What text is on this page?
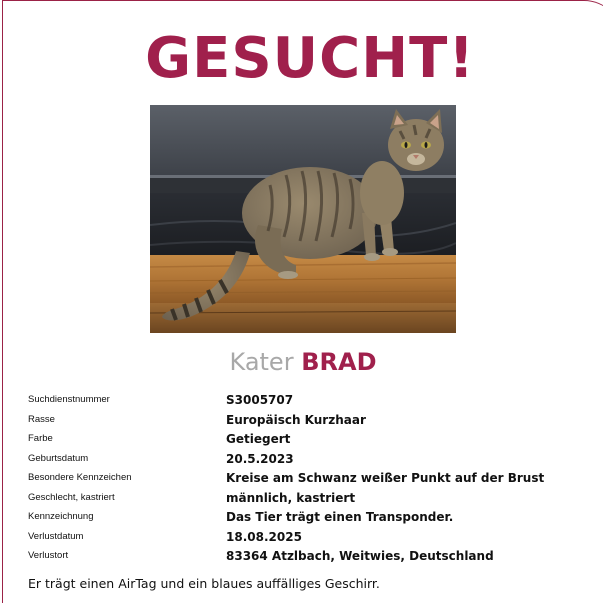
GESUCHT!
Kater BRAD
Suchdienstnummer	S3005707
Rasse	Europäisch Kurzhaar
Farbe	Getiegert
Geburtsdatum	20.5.2023
Besondere Kennzeichen	Kreise am Schwanz weißer Punkt auf der Brust
Geschlecht, kastriert	männlich, kastriert
Kennzeichnung	Das Tier trägt einen Transponder.
Verlustdatum	18.08.2025
Verlustort	83364 Atzlbach, Weitwies, Deutschland
Er trägt einen AirTag und ein blaues auffälliges Geschirr.
